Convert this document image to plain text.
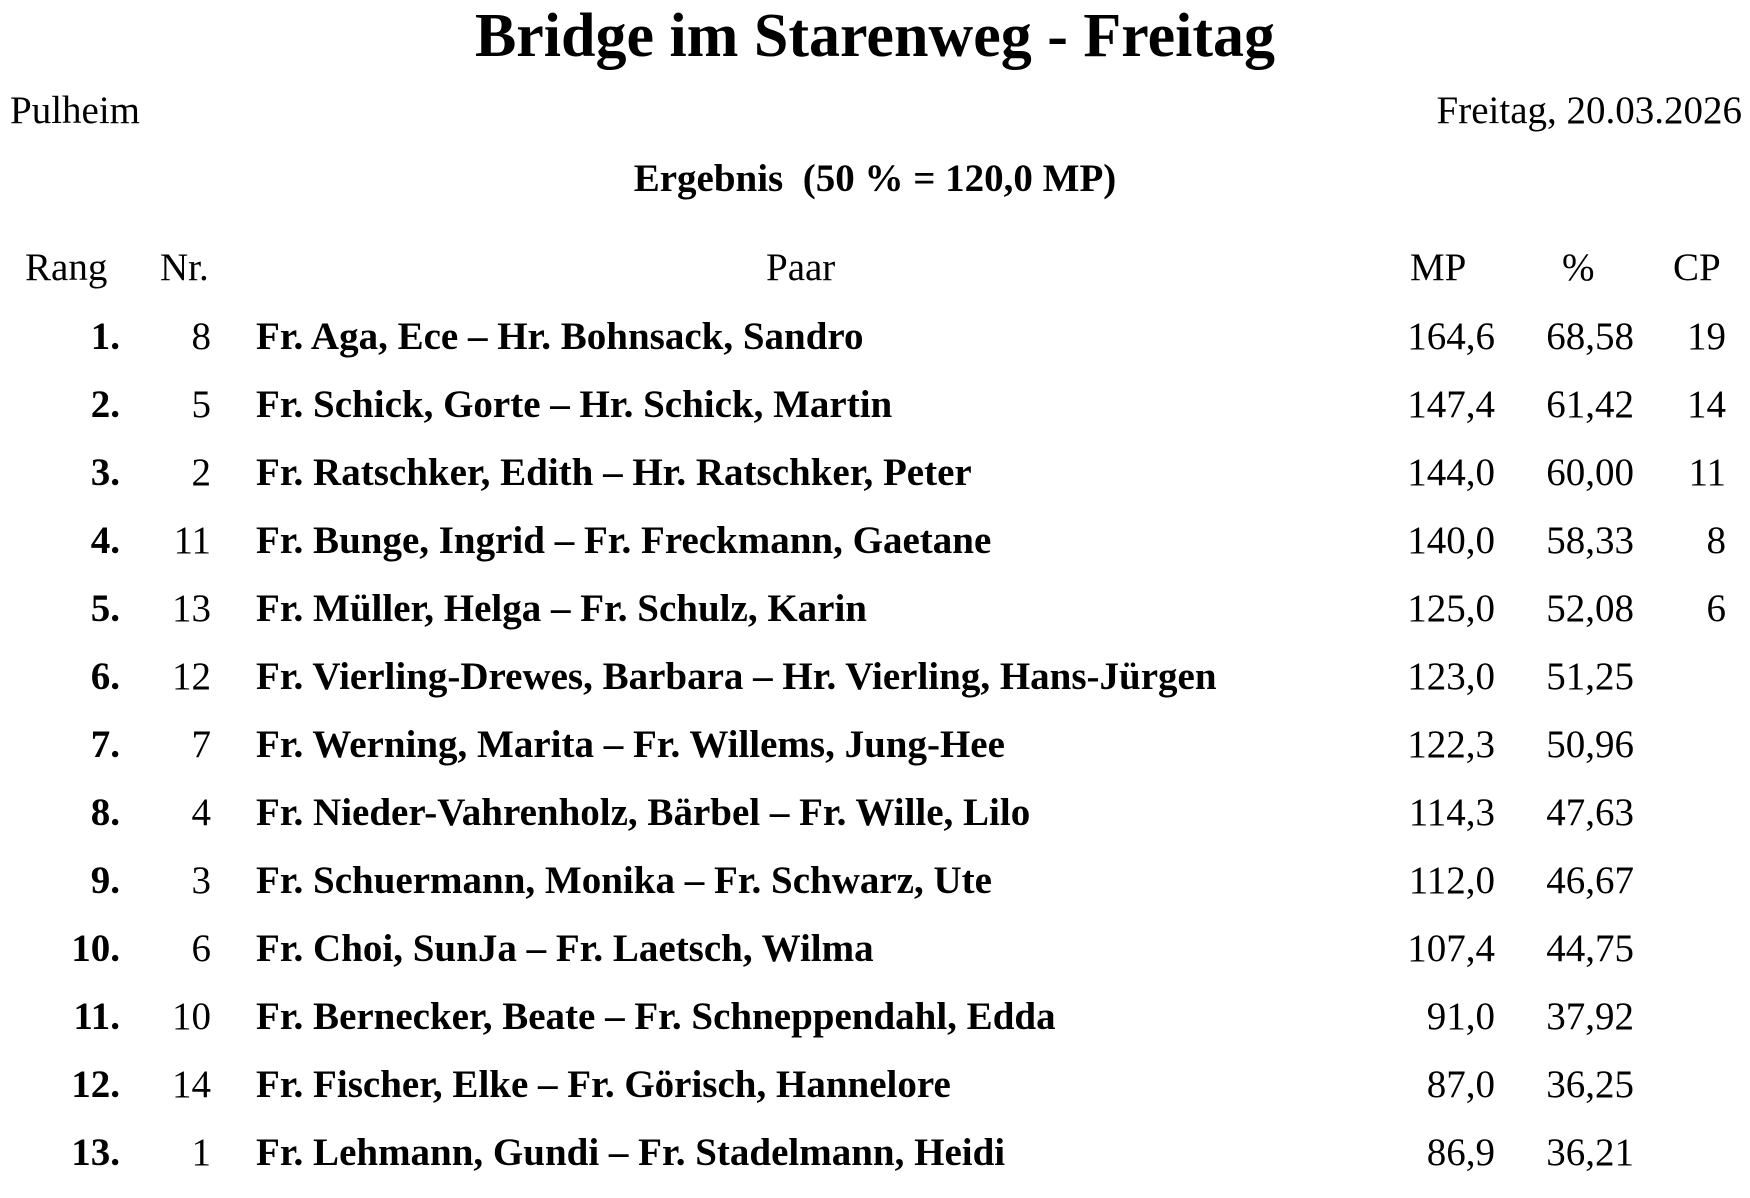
Bridge im Starenweg - Freitag
Pulheim	Freitag, 20.03.2026
Ergebnis  (50 % = 120,0 MP)
Rang Nr.	Paar	MP % CP
1. 8 Fr. Aga, Ece – Hr. Bohnsack, Sandro	164,6 68,58 19
2. 5 Fr. Schick, Gorte – Hr. Schick, Martin	147,4 61,42 14
3. 2 Fr. Ratschker, Edith – Hr. Ratschker, Peter	144,0 60,00 11
4. 11 Fr. Bunge, Ingrid – Fr. Freckmann, Gaetane	140,0 58,33 8
5. 13 Fr. Müller, Helga – Fr. Schulz, Karin	125,0 52,08 6
6. 12 Fr. Vierling-Drewes, Barbara – Hr. Vierling, Hans-Jürgen	123,0 51,25
7. 7 Fr. Werning, Marita – Fr. Willems, Jung-Hee	122,3 50,96
8. 4 Fr. Nieder-Vahrenholz, Bärbel – Fr. Wille, Lilo	114,3 47,63
9. 3 Fr. Schuermann, Monika – Fr. Schwarz, Ute	112,0 46,67
10. 6 Fr. Choi, SunJa – Fr. Laetsch, Wilma	107,4 44,75
11. 10 Fr. Bernecker, Beate – Fr. Schneppendahl, Edda	91,0 37,92
12. 14 Fr. Fischer, Elke – Fr. Görisch, Hannelore	87,0 36,25
13. 1 Fr. Lehmann, Gundi – Fr. Stadelmann, Heidi	86,9 36,21
